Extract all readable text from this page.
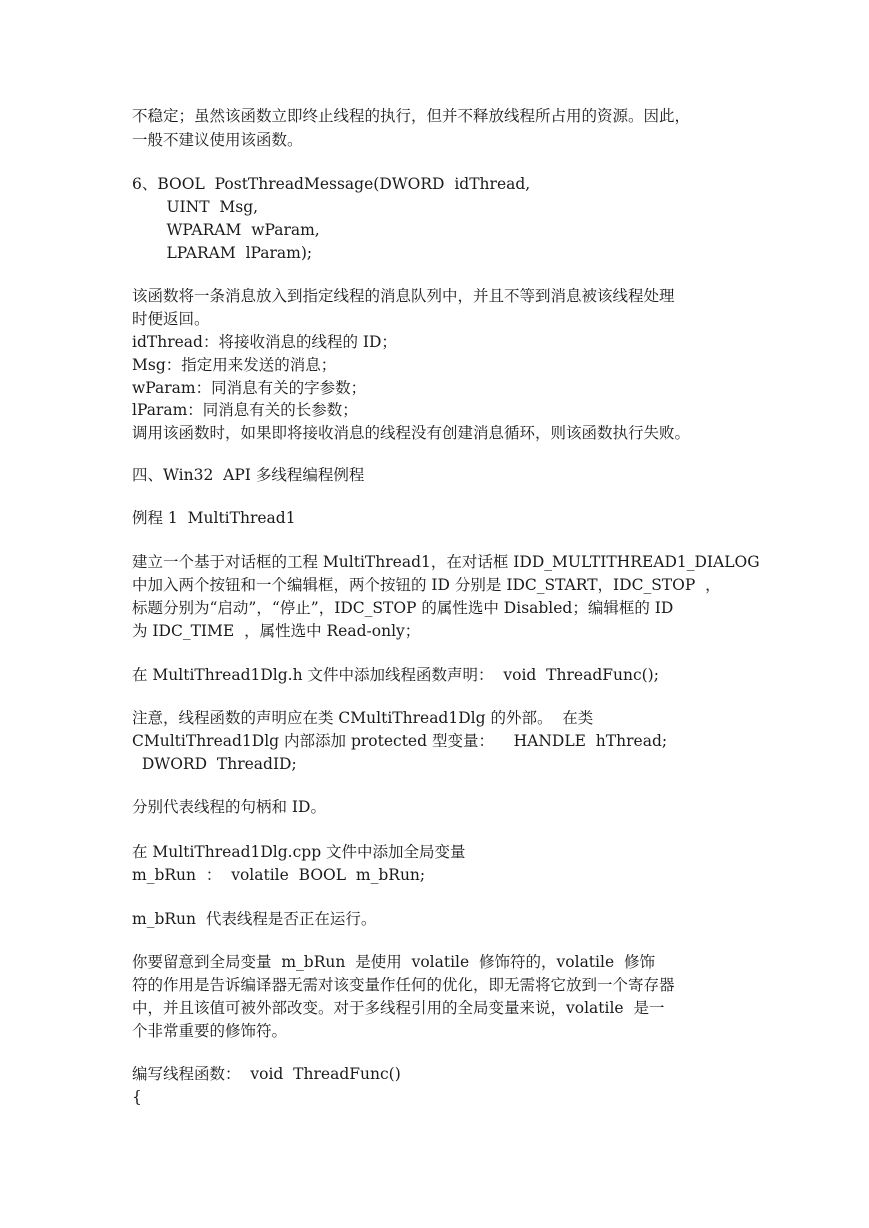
不稳定；虽然该函数立即终止线程的执行，但并不释放线程所占用的资源。因此，
一般不建议使用该函数。
6、BOOL  PostThreadMessage(DWORD  idThread,
UINT  Msg,
WPARAM  wParam,
LPARAM  lParam);
该函数将一条消息放入到指定线程的消息队列中，并且不等到消息被该线程处理
时便返回。
idThread：将接收消息的线程的 ID；
Msg：指定用来发送的消息；
wParam：同消息有关的字参数；
lParam：同消息有关的长参数；
调用该函数时，如果即将接收消息的线程没有创建消息循环，则该函数执行失败。
四、Win32  API 多线程编程例程
例程 1  MultiThread1
建立一个基于对话框的工程 MultiThread1，在对话框 IDD_MULTITHREAD1_DIALOG
中加入两个按钮和一个编辑框，两个按钮的 ID 分别是 IDC_START，IDC_STOP  ，
标题分别为“启动”，“停止”，IDC_STOP 的属性选中 Disabled；编辑框的 ID
为 IDC_TIME  ，属性选中 Read-only；
在 MultiThread1Dlg.h 文件中添加线程函数声明：  void  ThreadFunc();
注意，线程函数的声明应在类 CMultiThread1Dlg 的外部。  在类
CMultiThread1Dlg 内部添加 protected 型变量：    HANDLE  hThread;
DWORD  ThreadID;
分别代表线程的句柄和 ID。
在 MultiThread1Dlg.cpp 文件中添加全局变量
m_bRun  ：  volatile  BOOL  m_bRun;
m_bRun  代表线程是否正在运行。
你要留意到全局变量  m_bRun  是使用  volatile  修饰符的，volatile  修饰
符的作用是告诉编译器无需对该变量作任何的优化，即无需将它放到一个寄存器
中，并且该值可被外部改变。对于多线程引用的全局变量来说，volatile  是一
个非常重要的修饰符。
编写线程函数：  void  ThreadFunc()
{
